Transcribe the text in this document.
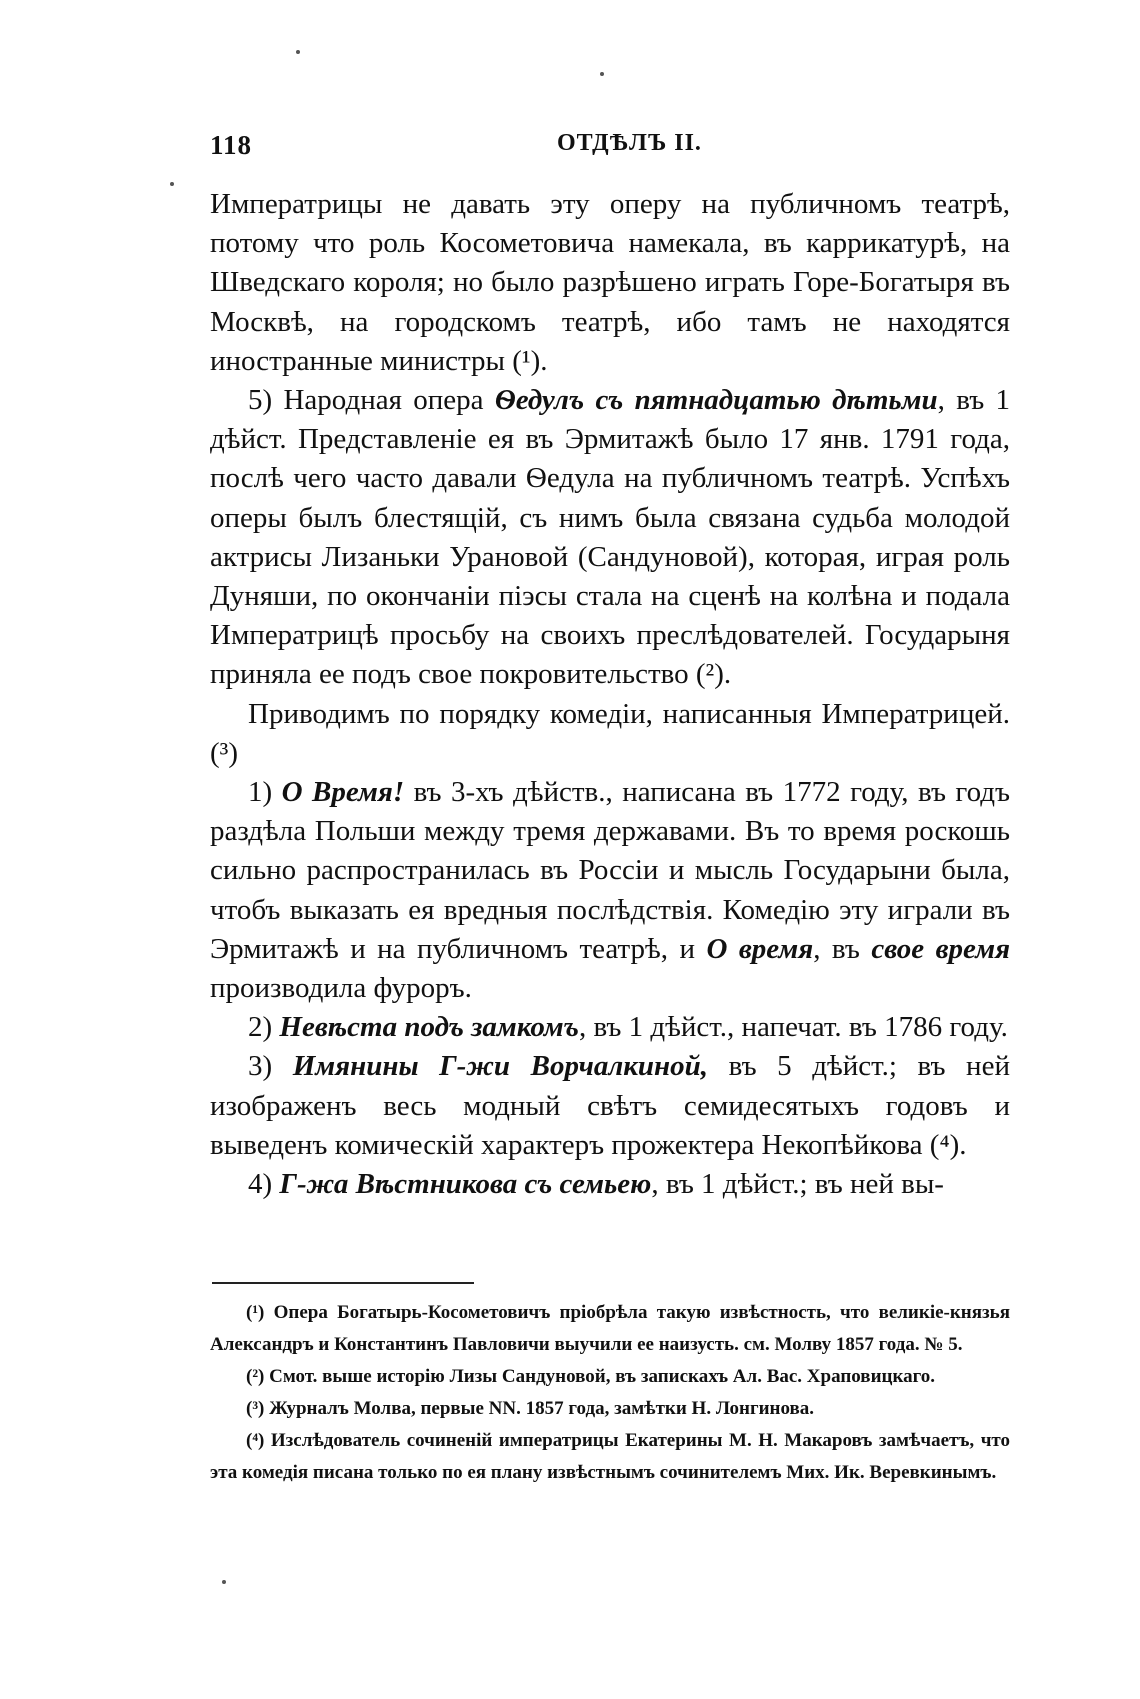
118	ОТДѢЛЪ II.

Императрицы не давать эту оперу на публичномъ театрѣ, потому что роль Косометовича намекала, въ каррикатурѣ, на Шведскаго короля; но было разрѣшено играть Горе-Богатыря въ Москвѣ, на городскомъ театрѣ, ибо тамъ не находятся иностранные министры (¹).

5) Народная опера Ѳедулъ съ пятнадцатью дѣтьми, въ 1 дѣйст. Представленіе ея въ Эрмитажѣ было 17 янв. 1791 года, послѣ чего часто давали Ѳедула на публичномъ театрѣ. Успѣхъ оперы былъ блестящій, съ нимъ была связана судьба молодой актрисы Лизаньки Урановой (Сандуновой), которая, играя роль Дуняши, по окончаніи піэсы стала на сценѣ на колѣна и подала Императрицѣ просьбу на своихъ преслѣдователей. Государыня приняла ее подъ свое покровительство (²).

Приводимъ по порядку комедіи, написанныя Императрицей. (³)

1) О Время! въ 3-хъ дѣйств., написана въ 1772 году, въ годъ раздѣла Польши между тремя державами. Въ то время роскошь сильно распространилась въ Россіи и мысль Государыни была, чтобъ выказать ея вредныя послѣдствія. Комедію эту играли въ Эрмитажѣ и на публичномъ театрѣ, и О время, въ свое время производила фуроръ.

2) Невѣста подъ замкомъ, въ 1 дѣйст., напечат. въ 1786 году.

3) Имянины Г-жи Ворчалкиной, въ 5 дѣйст.; въ ней изображенъ весь модный свѣтъ семидесятыхъ годовъ и выведенъ комическій характеръ прожектера Некопѣйкова (⁴).

4) Г-жа Вѣстникова съ семьею, въ 1 дѣйст.; въ ней вы-

(¹) Опера Богатырь-Косометовичъ пріобрѣла такую извѣстность, что великіе-князья Александръ и Константинъ Павловичи выучили ее наизусть. см. Молву 1857 года. № 5.

(²) Смот. выше исторію Лизы Сандуновой, въ запискахъ Ал. Вас. Храповицкаго.

(³) Журналъ Молва, первые NN. 1857 года, замѣтки Н. Лонгинова.

(⁴) Изслѣдователь сочиненій императрицы Екатерины М. Н. Макаровъ замѣчаетъ, что эта комедія писана только по ея плану извѣстнымъ сочинителемъ Мих. Ик. Веревкинымъ.
